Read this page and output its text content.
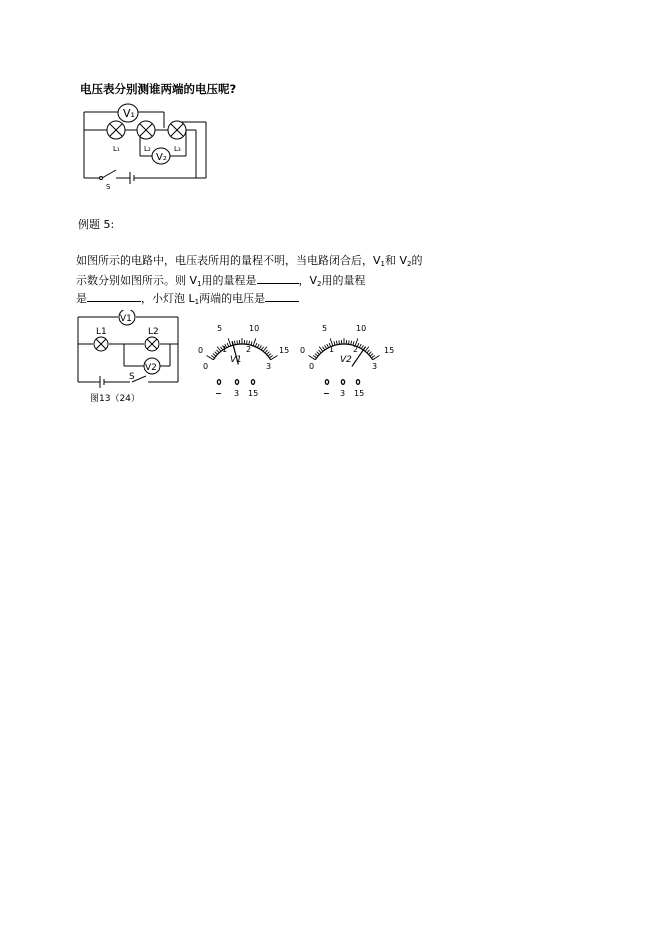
电压表分别测谁两端的电压呢?
V₁
V₂
L₁	L₂	L₃
S
例题 5:
如图所示的电路中，电压表所用的量程不明，当电路闭合后，$V_1$和 $V_2$的
示数分别如图所示。则 $V_1$用的量程是	，$V_2$用的量程
是	，小灯泡 $L_1$两端的电压是
V1
V2
L1	L2
S
图13（24）
0
5	10
15
0
1 2
3
V1
− 3 15
0
5	10
15
0
1 2
3
V2
− 3 15
